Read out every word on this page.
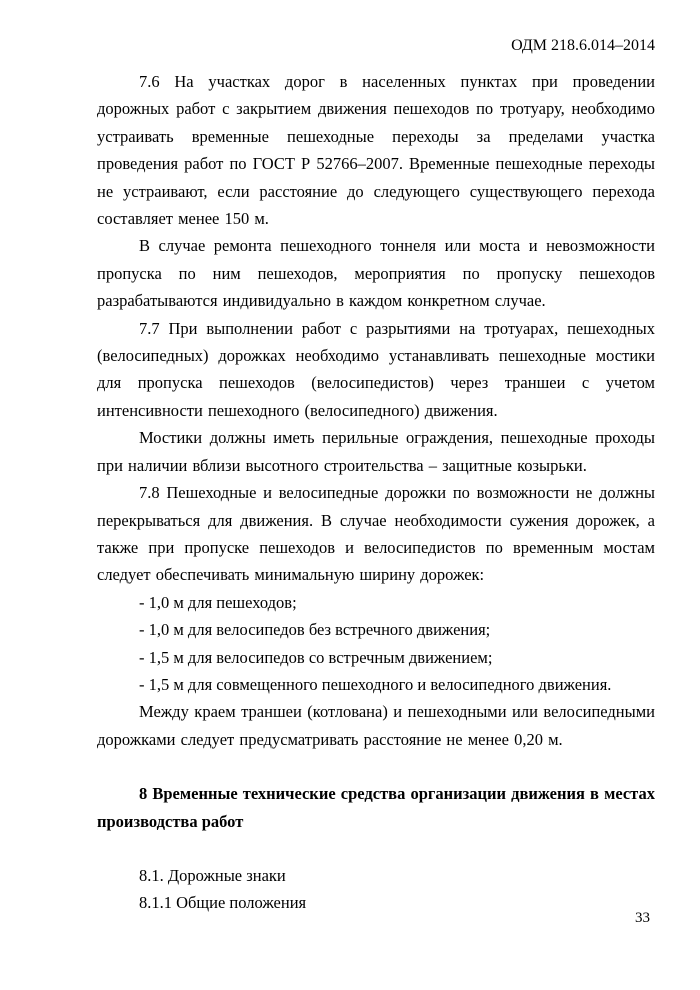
ОДМ 218.6.014–2014

7.6 На участках дорог в населенных пунктах при проведении дорожных работ с закрытием движения пешеходов по тротуару, необходимо устраивать временные пешеходные переходы за пределами участка проведения работ по ГОСТ Р 52766–2007. Временные пешеходные переходы не устраивают, если расстояние до следующего существующего перехода составляет менее 150 м.

В случае ремонта пешеходного тоннеля или моста и невозможности пропуска по ним пешеходов, мероприятия по пропуску пешеходов разрабатываются индивидуально в каждом конкретном случае.

7.7 При выполнении работ с разрытиями на тротуарах, пешеходных (велосипедных) дорожках необходимо устанавливать пешеходные мостики для пропуска пешеходов (велосипедистов) через траншеи с учетом интенсивности пешеходного (велосипедного) движения.

Мостики должны иметь перильные ограждения, пешеходные проходы при наличии вблизи высотного строительства – защитные козырьки.

7.8 Пешеходные и велосипедные дорожки по возможности не должны перекрываться для движения. В случае необходимости сужения дорожек, а также при пропуске пешеходов и велосипедистов по временным мостам следует обеспечивать минимальную ширину дорожек:

- 1,0 м для пешеходов;

- 1,0 м для велосипедов без встречного движения;

- 1,5 м для велосипедов со встречным движением;

- 1,5 м для совмещенного пешеходного и велосипедного движения.

Между краем траншеи (котлована) и пешеходными или велосипедными дорожками следует предусматривать расстояние не менее 0,20 м.

8 Временные технические средства организации движения в местах производства работ

8.1. Дорожные знаки

8.1.1 Общие положения

33
